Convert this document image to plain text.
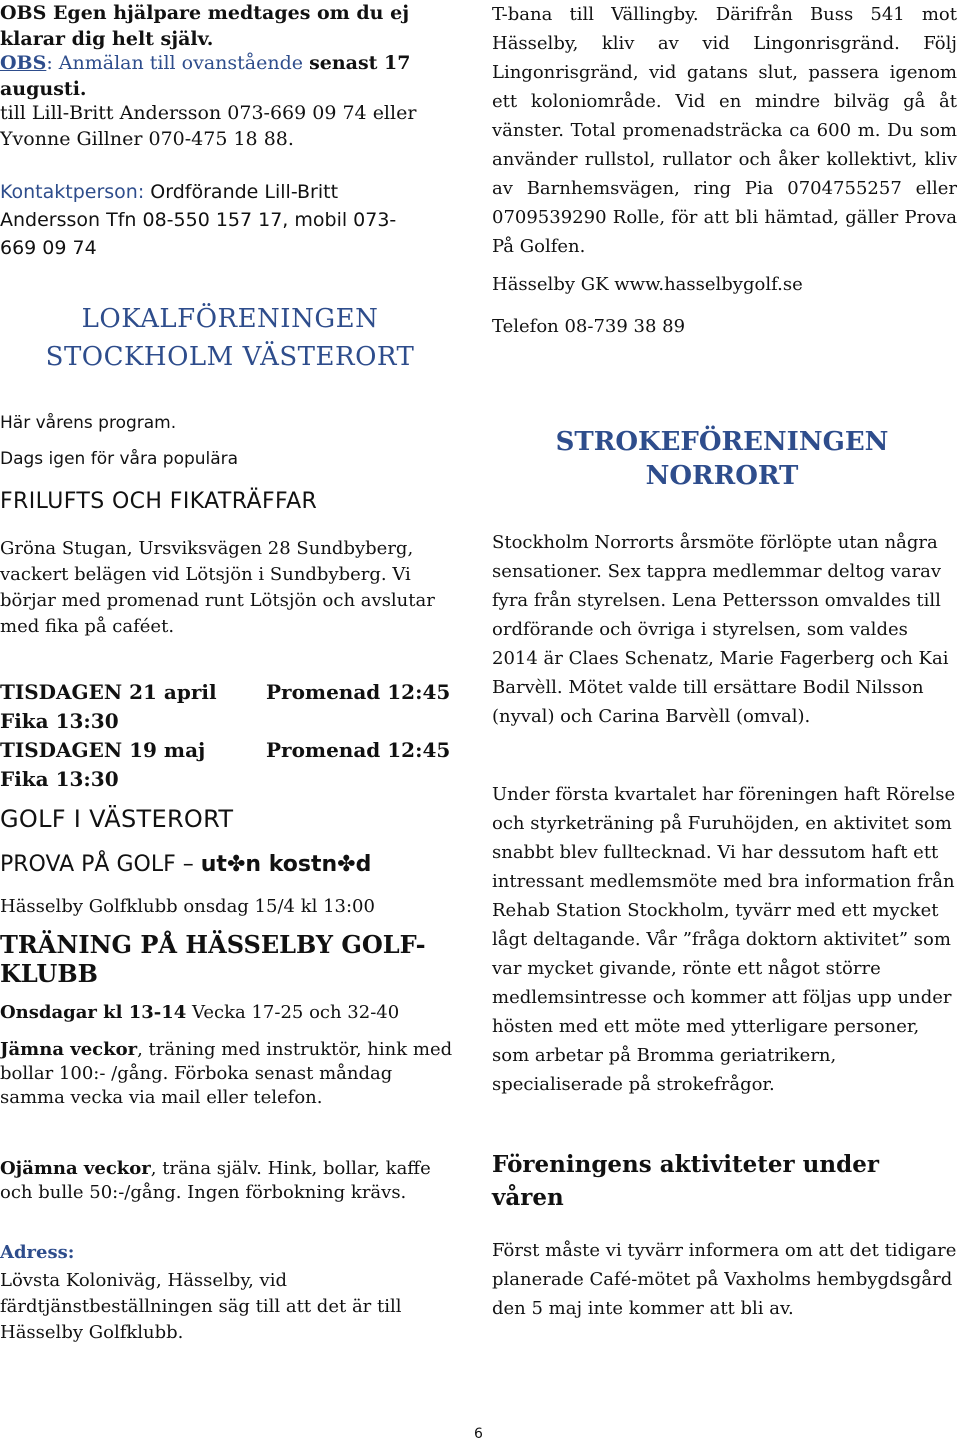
OBS Egen hjälpare medtages om du ej klarar dig helt själv.

OBS: Anmälan till ovanstående senast 17 augusti.

till Lill-Britt Andersson 073-669 09 74 eller Yvonne Gillner 070-475 18 88.

Kontaktperson: Ordförande Lill-Britt Andersson Tfn 08-550 157 17, mobil 073-669 09 74

LOKALFÖRENINGEN
STOCKHOLM VÄSTERORT

Här vårens program.

Dags igen för våra populära

FRILUFTS OCH FIKATRÄFFAR

Gröna Stugan, Ursviksvägen 28 Sundbyberg, vackert belägen vid Lötsjön i Sundbyberg. Vi börjar med promenad runt Lötsjön och avslutar med fika på caféet.

TISDAGEN 21 april	Promenad 12:45
Fika 13:30
TISDAGEN 19 maj	Promenad 12:45
Fika 13:30

GOLF I VÄSTERORT

PROVA PÅ GOLF – ut✤n kostn✤d

Hässelby Golfklubb onsdag 15/4 kl 13:00

TRÄNING PÅ HÄSSELBY GOLF-KLUBB

Onsdagar kl 13-14 Vecka 17-25 och 32-40

Jämna veckor, träning med instruktör, hink med bollar 100:- /gång. Förboka senast måndag samma vecka via mail eller telefon.

Ojämna veckor, träna själv. Hink, bollar, kaffe och bulle 50:-/gång. Ingen förbokning krävs.

Adress:

Lövsta Koloniväg, Hässelby, vid färdtjänstbeställningen säg till att det är till Hässelby Golfklubb.

T-bana till Vällingby. Därifrån Buss 541 mot Hässelby, kliv av vid Lingonrisgränd. Följ Lingonrisgränd, vid gatans slut, passera igenom ett koloniområde. Vid en mindre bilväg gå åt vänster. Total promenadsträcka ca 600 m. Du som använder rullstol, rullator och åker kollektivt, kliv av Barnhemsvägen, ring Pia 0704755257 eller 0709539290 Rolle, för att bli hämtad, gäller Prova På Golfen.

Hässelby GK www.hasselbygolf.se

Telefon 08-739 38 89

STROKEFÖRENINGEN
NORRORT

Stockholm Norrorts årsmöte förlöpte utan några sensationer. Sex tappra medlemmar deltog varav fyra från styrelsen. Lena Pettersson omvaldes till ordförande och övriga i styrelsen, som valdes 2014 är Claes Schenatz, Marie Fagerberg och Kai Barvèll. Mötet valde till ersättare Bodil Nilsson (nyval) och Carina Barvèll (omval).

Under första kvartalet har föreningen haft Rörelse och styrketräning på Furuhöjden, en aktivitet som snabbt blev fulltecknad. Vi har dessutom haft ett intressant medlemsmöte med bra information från Rehab Station Stockholm, tyvärr med ett mycket lågt deltagande. Vår ”fråga doktorn aktivitet” som var mycket givande, rönte ett något större medlemsintresse och kommer att följas upp under hösten med ett möte med ytterligare personer, som arbetar på Bromma geriatrikern, specialiserade på strokefrågor.

Föreningens aktiviteter under våren

Först måste vi tyvärr informera om att det tidigare planerade Café-mötet på Vaxholms hembygdsgård den 5 maj inte kommer att bli av.

6
